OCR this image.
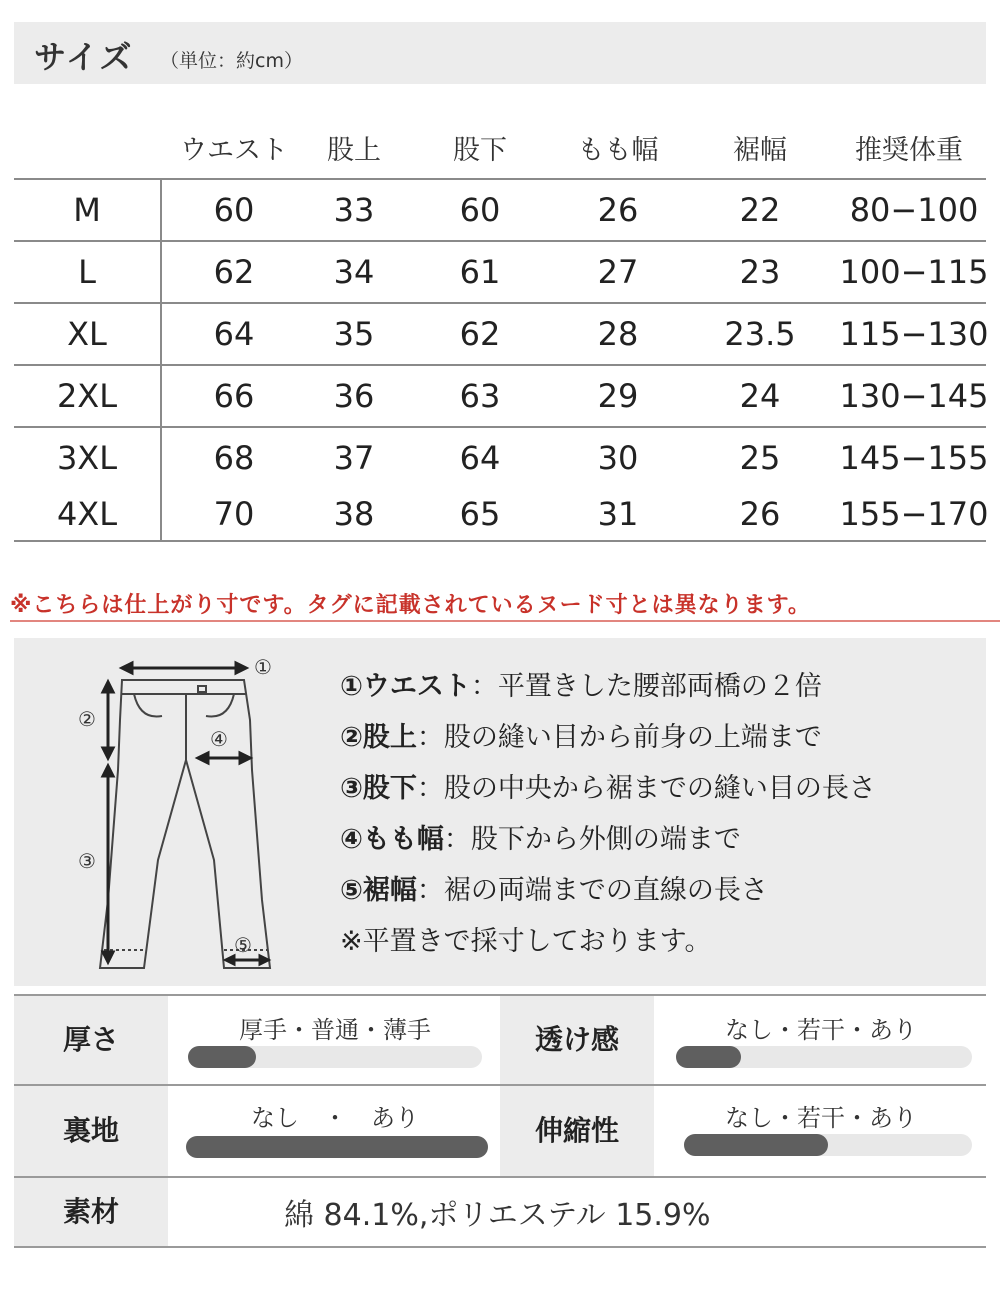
サイズ （単位：約cm）
ウエスト	股上	股下	もも幅	裾幅	推奨体重
M	60	33	60	26	22	80−100
L	62	34	61	27	23	100−115
XL	64	35	62	28	23.5	115−130
2XL	66	36	63	29	24	130−145
3XL	68	37	64	30	25	145−155
4XL	70	38	65	31	26	155−170
※こちらは仕上がり寸です。タグに記載されているヌード寸とは異なります。
①
②
③
④
⑤
①ウエスト：平置きした腰部両橋の２倍
②股上：股の縫い目から前身の上端まで
③股下：股の中央から裾までの縫い目の長さ
④もも幅：股下から外側の端まで
⑤裾幅：裾の両端までの直線の長さ
※平置きで採寸しております。
厚さ	厚手・普通・薄手	透け感	なし・若干・あり
裏地	なし　・　あり	伸縮性	なし・若干・あり
素材	綿 84.1%,ポリエステル 15.9%
